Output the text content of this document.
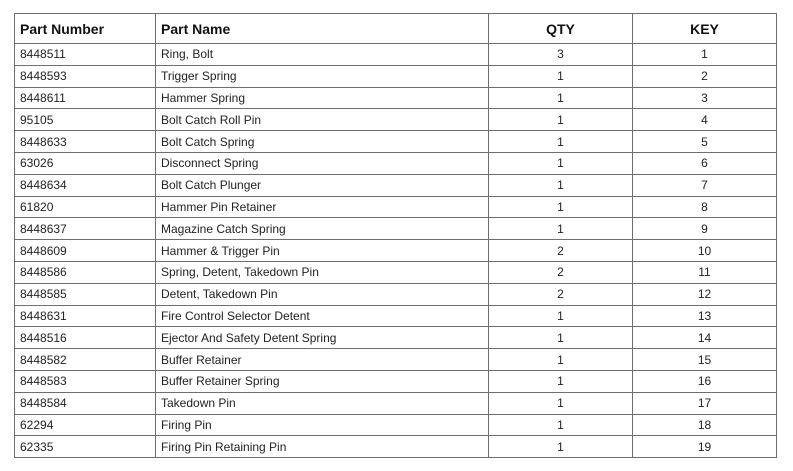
Part Number	Part Name	QTY	KEY
8448511	Ring, Bolt	3	1
8448593	Trigger Spring	1	2
8448611	Hammer Spring	1	3
95105	Bolt Catch Roll Pin	1	4
8448633	Bolt Catch Spring	1	5
63026	Disconnect Spring	1	6
8448634	Bolt Catch Plunger	1	7
61820	Hammer Pin Retainer	1	8
8448637	Magazine Catch Spring	1	9
8448609	Hammer & Trigger Pin	2	10
8448586	Spring, Detent, Takedown Pin	2	11
8448585	Detent, Takedown Pin	2	12
8448631	Fire Control Selector Detent	1	13
8448516	Ejector And Safety Detent Spring	1	14
8448582	Buffer Retainer	1	15
8448583	Buffer Retainer Spring	1	16
8448584	Takedown Pin	1	17
62294	Firing Pin	1	18
62335	Firing Pin Retaining Pin	1	19
